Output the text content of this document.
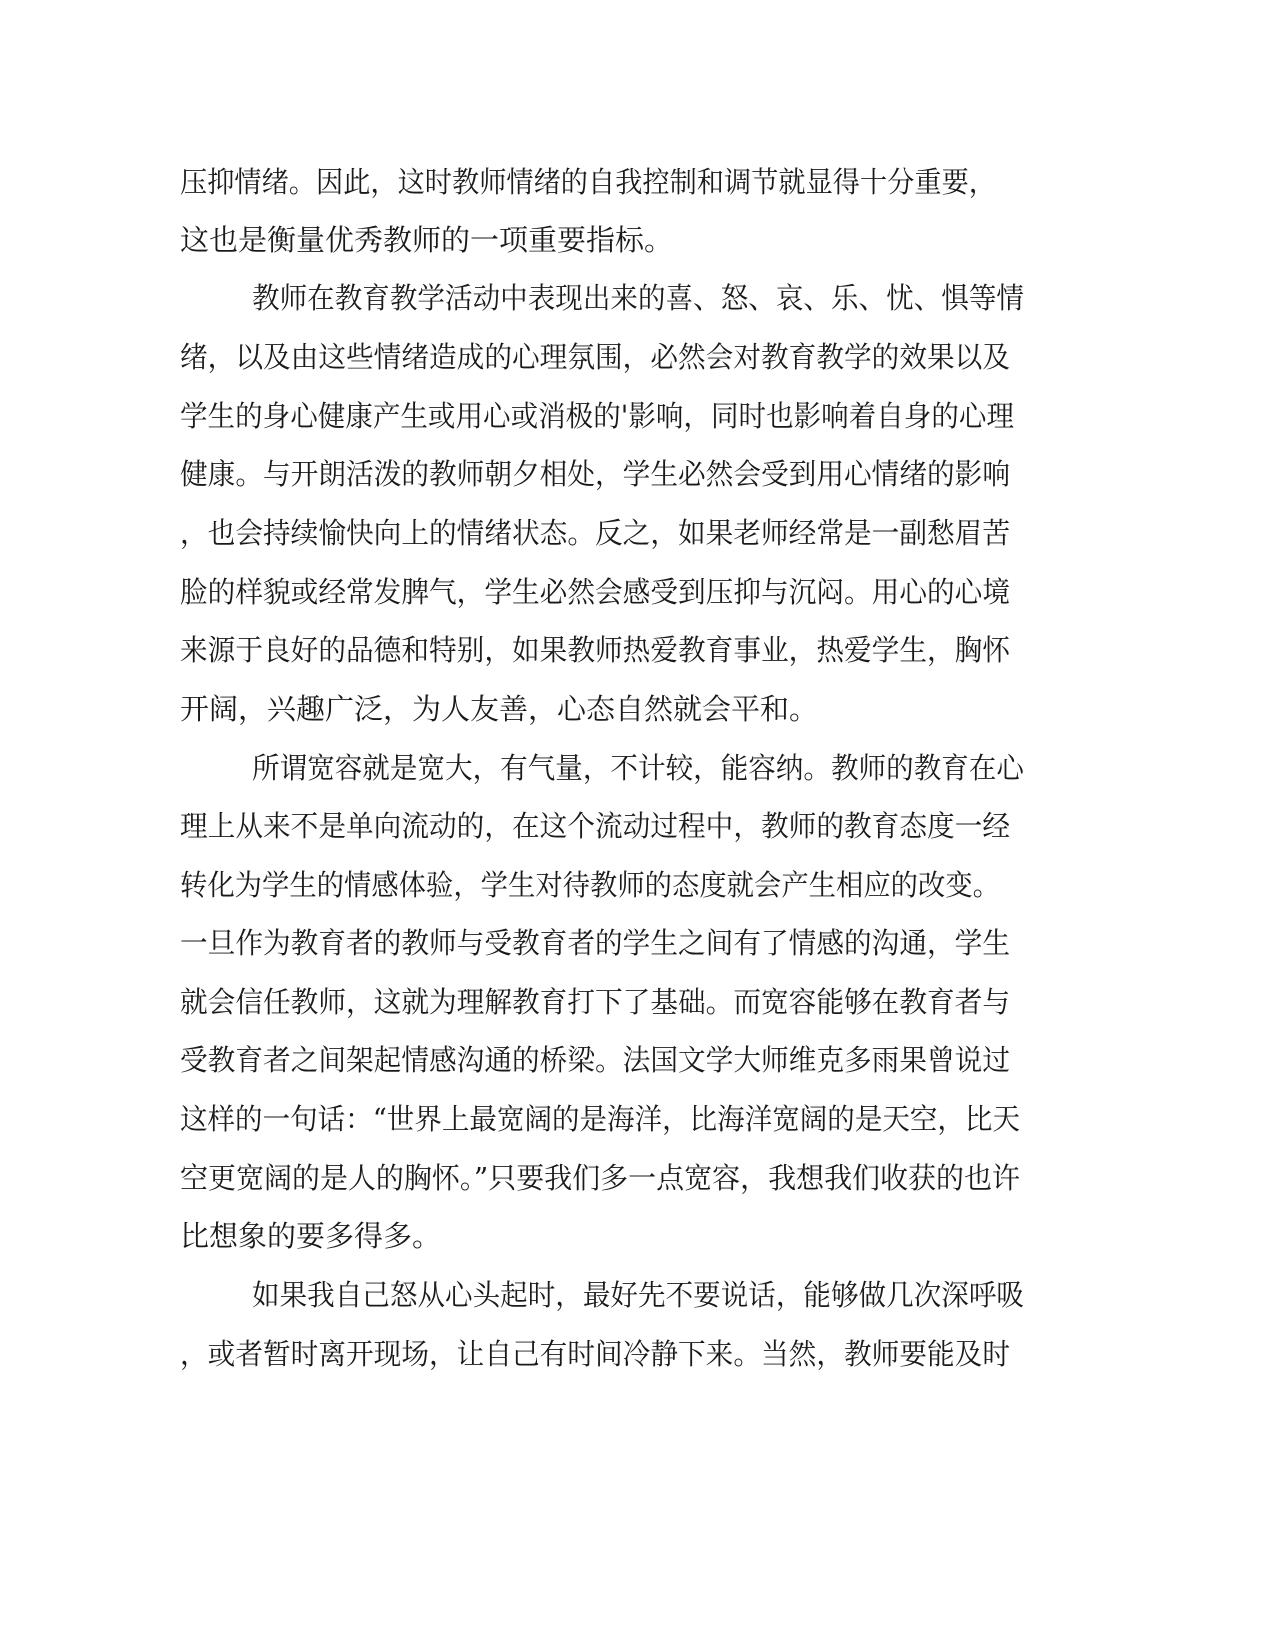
压抑情绪。因此，这时教师情绪的自我控制和调节就显得十分重要，
这也是衡量优秀教师的一项重要指标。
教师在教育教学活动中表现出来的喜、怒、哀、乐、忧、惧等情
绪，以及由这些情绪造成的心理氛围，必然会对教育教学的效果以及
学生的身心健康产生或用心或消极的'影响，同时也影响着自身的心理
健康。与开朗活泼的教师朝夕相处，学生必然会受到用心情绪的影响
，也会持续愉快向上的情绪状态。反之，如果老师经常是一副愁眉苦
脸的样貌或经常发脾气，学生必然会感受到压抑与沉闷。用心的心境
来源于良好的品德和特别，如果教师热爱教育事业，热爱学生，胸怀
开阔，兴趣广泛，为人友善，心态自然就会平和。
所谓宽容就是宽大，有气量，不计较，能容纳。教师的教育在心
理上从来不是单向流动的，在这个流动过程中，教师的教育态度一经
转化为学生的情感体验，学生对待教师的态度就会产生相应的改变。
一旦作为教育者的教师与受教育者的学生之间有了情感的沟通，学生
就会信任教师，这就为理解教育打下了基础。而宽容能够在教育者与
受教育者之间架起情感沟通的桥梁。法国文学大师维克多雨果曾说过
这样的一句话：“世界上最宽阔的是海洋，比海洋宽阔的是天空，比天
空更宽阔的是人的胸怀。”只要我们多一点宽容，我想我们收获的也许
比想象的要多得多。
如果我自己怒从心头起时，最好先不要说话，能够做几次深呼吸
，或者暂时离开现场，让自己有时间冷静下来。当然，教师要能及时
